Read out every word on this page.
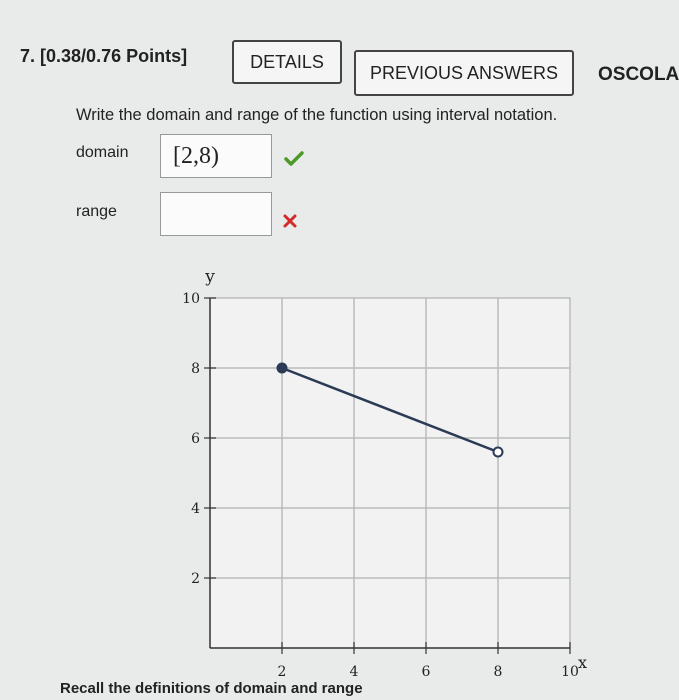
7. [0.38/0.76 Points]	DETAILS
PREVIOUS ANSWERS	OSCOLA
Write the domain and range of the function using interval notation.
domain	[2,8)
range
2	4	6	8	10
2
4
6
8
10
x
y
Recall the definitions of domain and range
